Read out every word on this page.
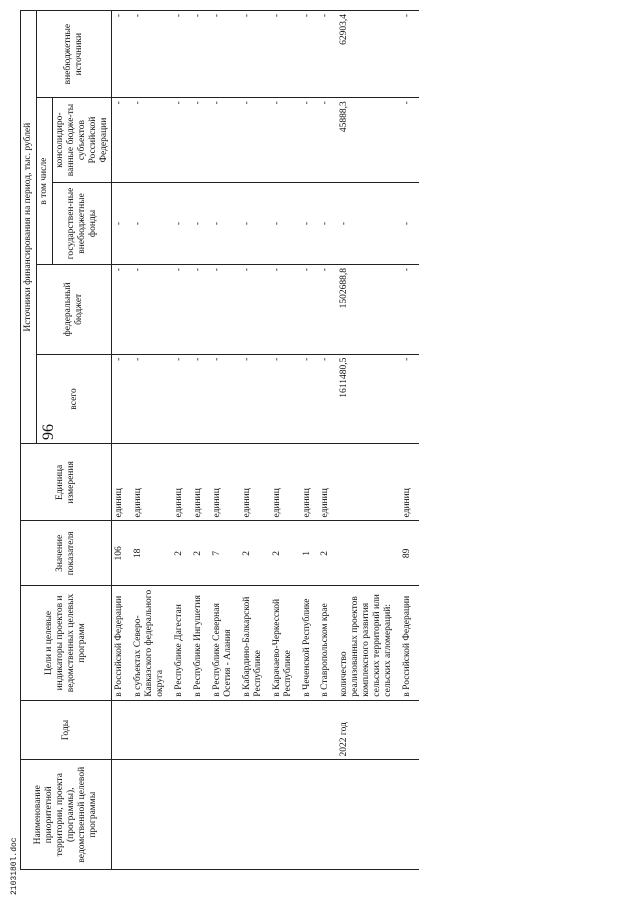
96
2103180l.doc
Наименование приоритетной территории, проекта (программы), ведомственной целевой программы	Годы	Цели и целевые индикаторы проектов и ведомственных целевых программ	Значение показателя	Единица измерения	Источники финансирования на период, тыс. рублей				
					всего	федеральный бюджет	в том числе		внебюджетные источники
							государствен-ные внебюджетные фонды	консолидиро-ванные бюдже-ты субъектов Российской Федерации	
		в Российской Федерации	106	единиц	-	-	-	-	-
		в субъектах Северо-Кавказского федерального округа	18	единиц	-	-	-	-	-
		в Республике Дагестан	2	единиц	-	-	-	-	-
		в Республике Ингушетия	2	единиц	-	-	-	-	-
		в Республике Северная Осетия - Алания	7	единиц	-	-	-	-	-
		в Кабардино-Балкарской Республике	2	единиц	-	-	-	-	-
		в Карачаево-Черкесской Республике	2	единиц	-	-	-	-	-
		в Чеченской Республике	1	единиц	-	-	-	-	-
		в Ставропольском крае	2	единиц	-	-	-	-	-
	2022 год	количество реализованных проектов комплексного развития сельских территорий или сельских агломераций:			1611480,5	1502688,8	-	45888,3	62903,4
		в Российской Федерации	89	единиц	-	-	-	-	-
